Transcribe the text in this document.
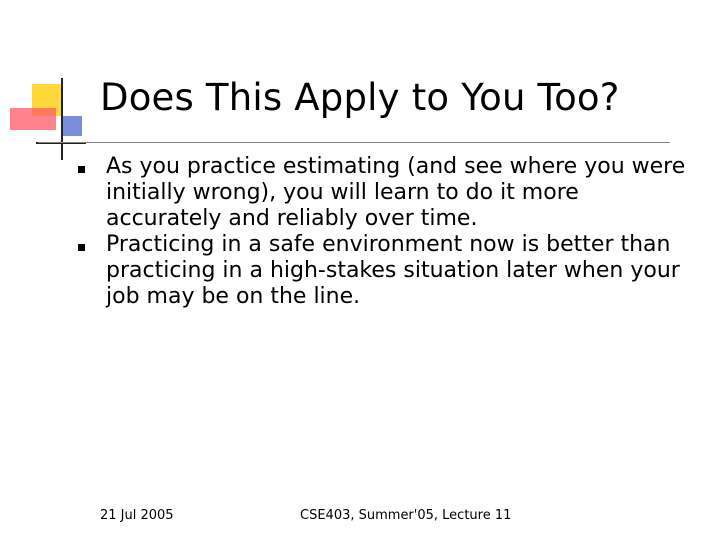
Does This Apply to You Too?
As you practice estimating (and see where you were initially wrong), you will learn to do it more accurately and reliably over time.
Practicing in a safe environment now is better than practicing in a high-stakes situation later when your job may be on the line.
21 Jul 2005	CSE403, Summer'05, Lecture 11
